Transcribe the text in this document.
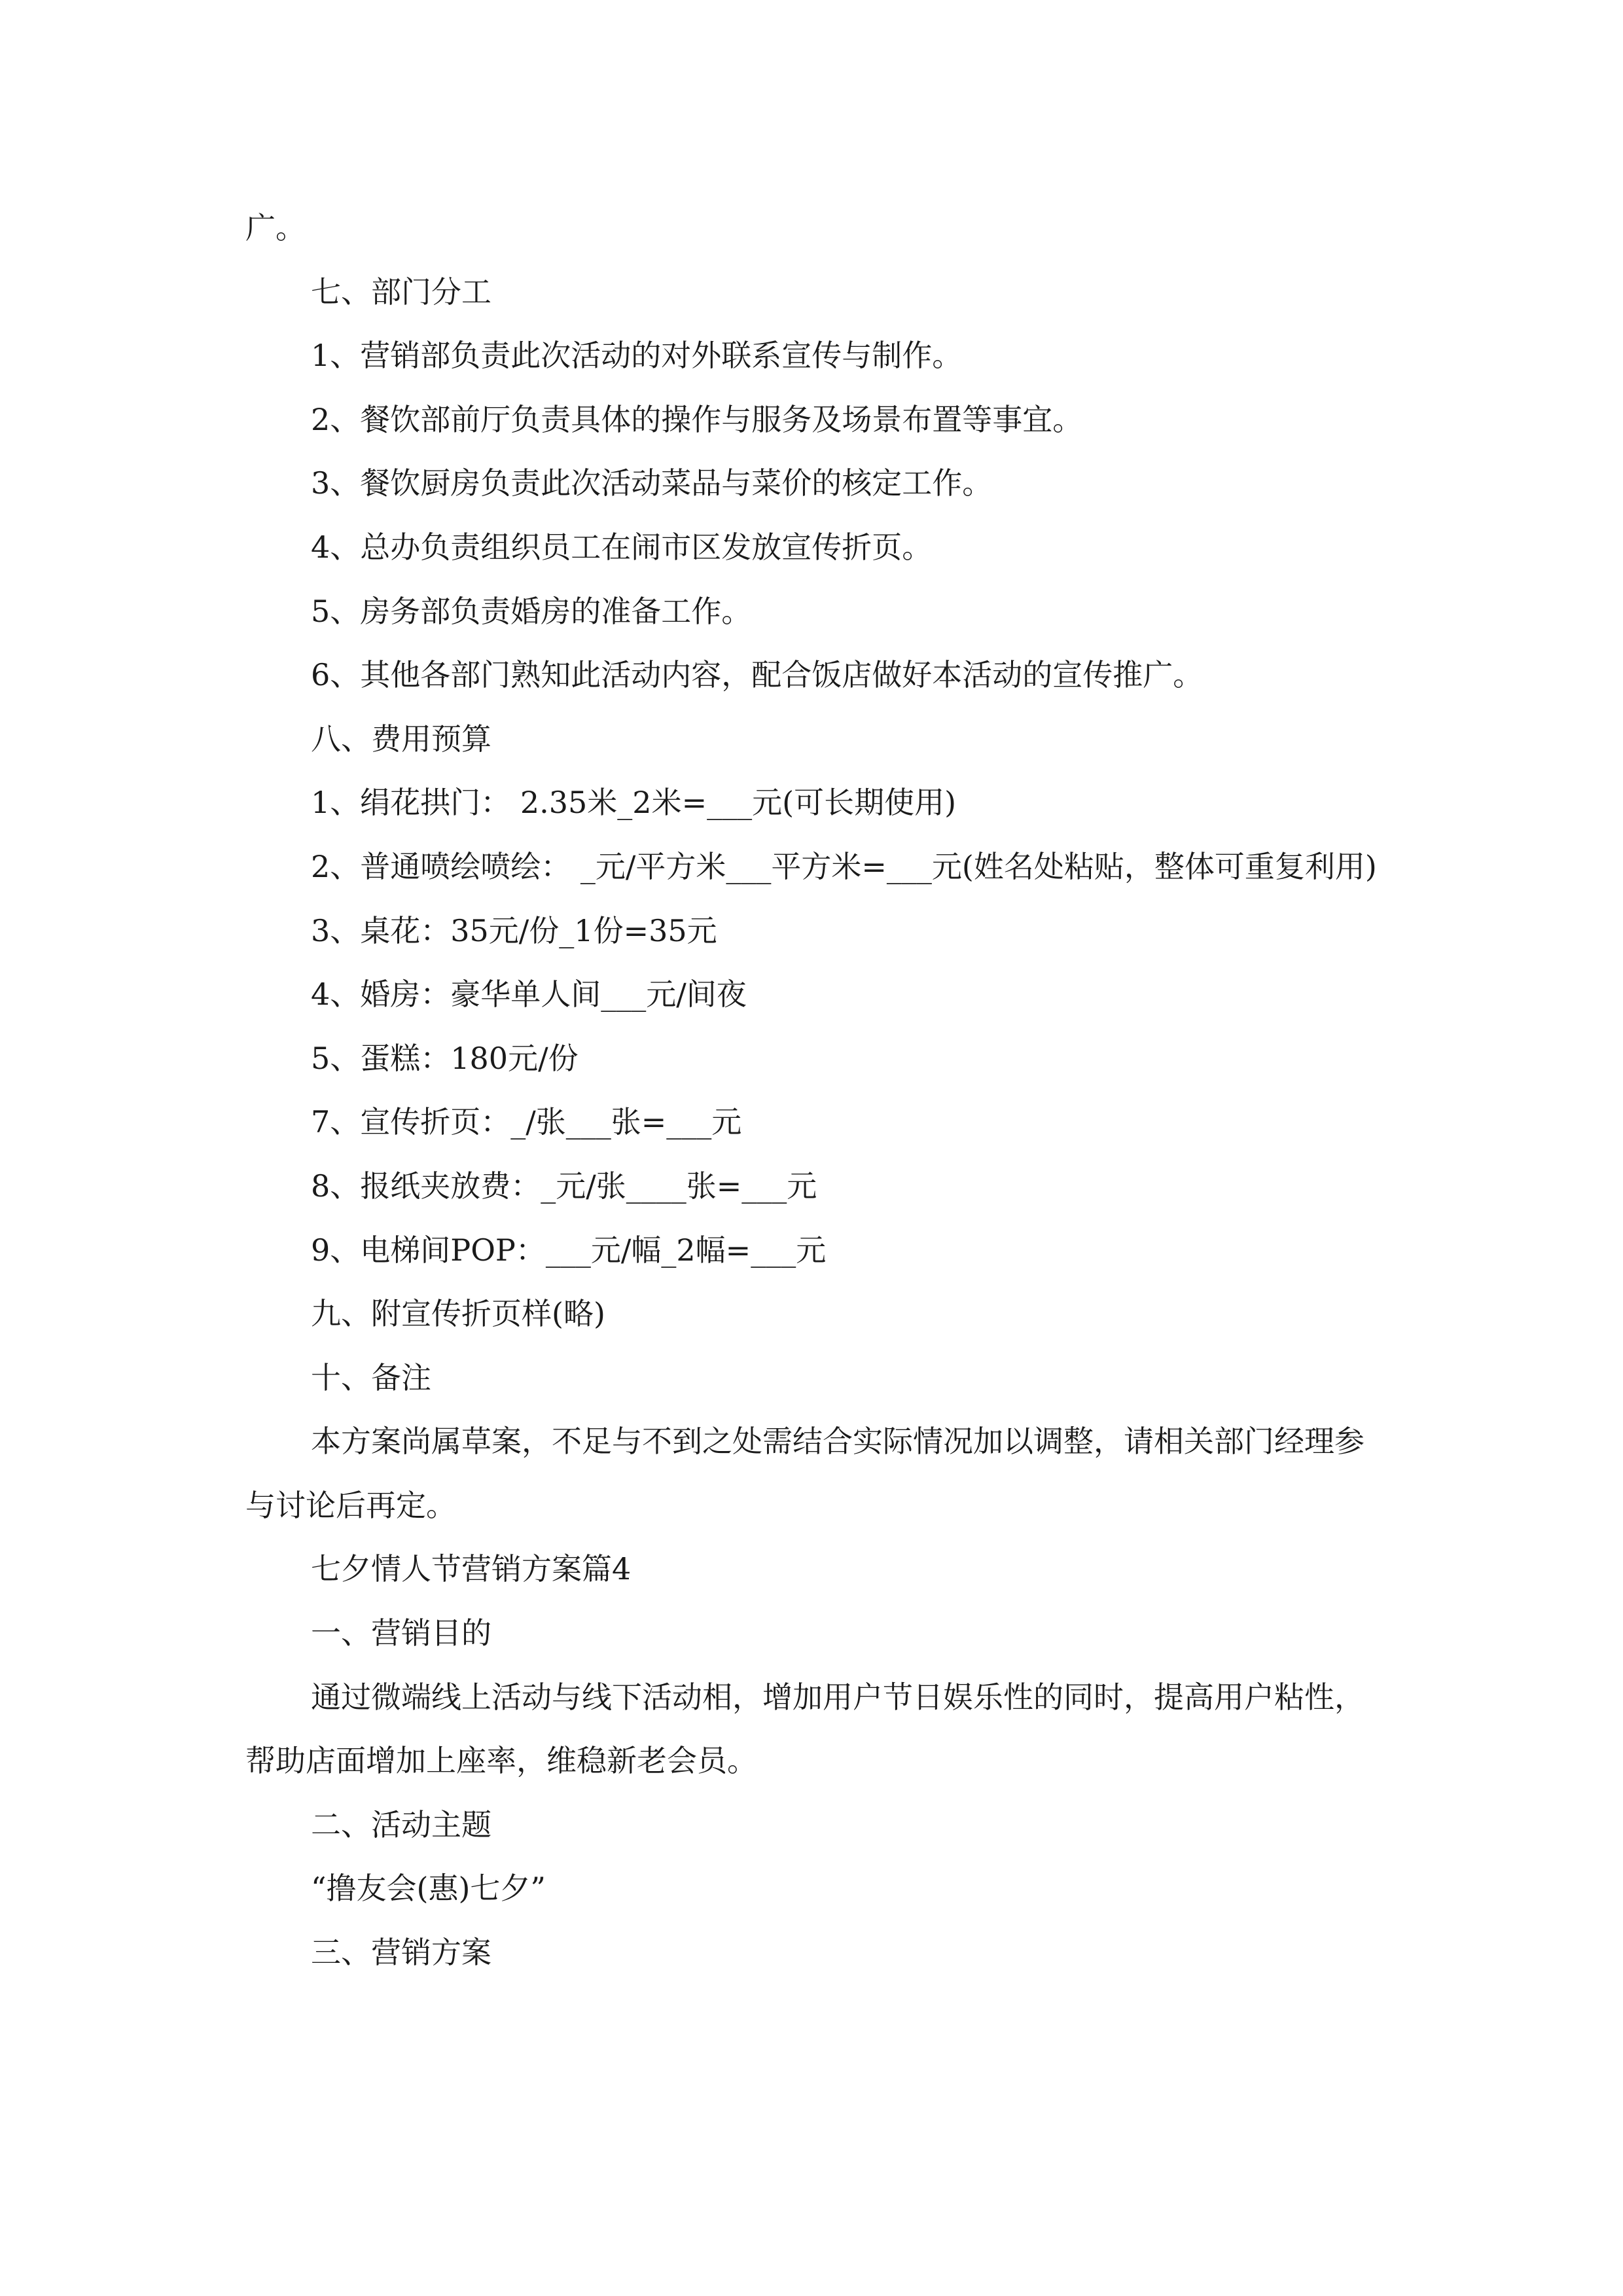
广。

七、部门分工

1、营销部负责此次活动的对外联系宣传与制作。

2、餐饮部前厅负责具体的操作与服务及场景布置等事宜。

3、餐饮厨房负责此次活动菜品与菜价的核定工作。

4、总办负责组织员工在闹市区发放宣传折页。

5、房务部负责婚房的准备工作。

6、其他各部门熟知此活动内容，配合饭店做好本活动的宣传推广。

八、费用预算

1、绢花拱门： 2.35米_2米=___元(可长期使用)

2、普通喷绘喷绘： _元/平方米___平方米=___元(姓名处粘贴，整体可重复利用)

3、桌花：35元/份_1份=35元

4、婚房：豪华单人间___元/间夜

5、蛋糕：180元/份

7、宣传折页：_/张___张=___元

8、报纸夹放费：_元/张____张=___元

9、电梯间POP：___元/幅_2幅=___元

九、附宣传折页样(略)

十、备注

本方案尚属草案，不足与不到之处需结合实际情况加以调整，请相关部门经理参与讨论后再定。

七夕情人节营销方案篇4

一、营销目的

通过微端线上活动与线下活动相，增加用户节日娱乐性的同时，提高用户粘性，帮助店面增加上座率，维稳新老会员。

二、活动主题

“撸友会(惠)七夕”

三、营销方案
